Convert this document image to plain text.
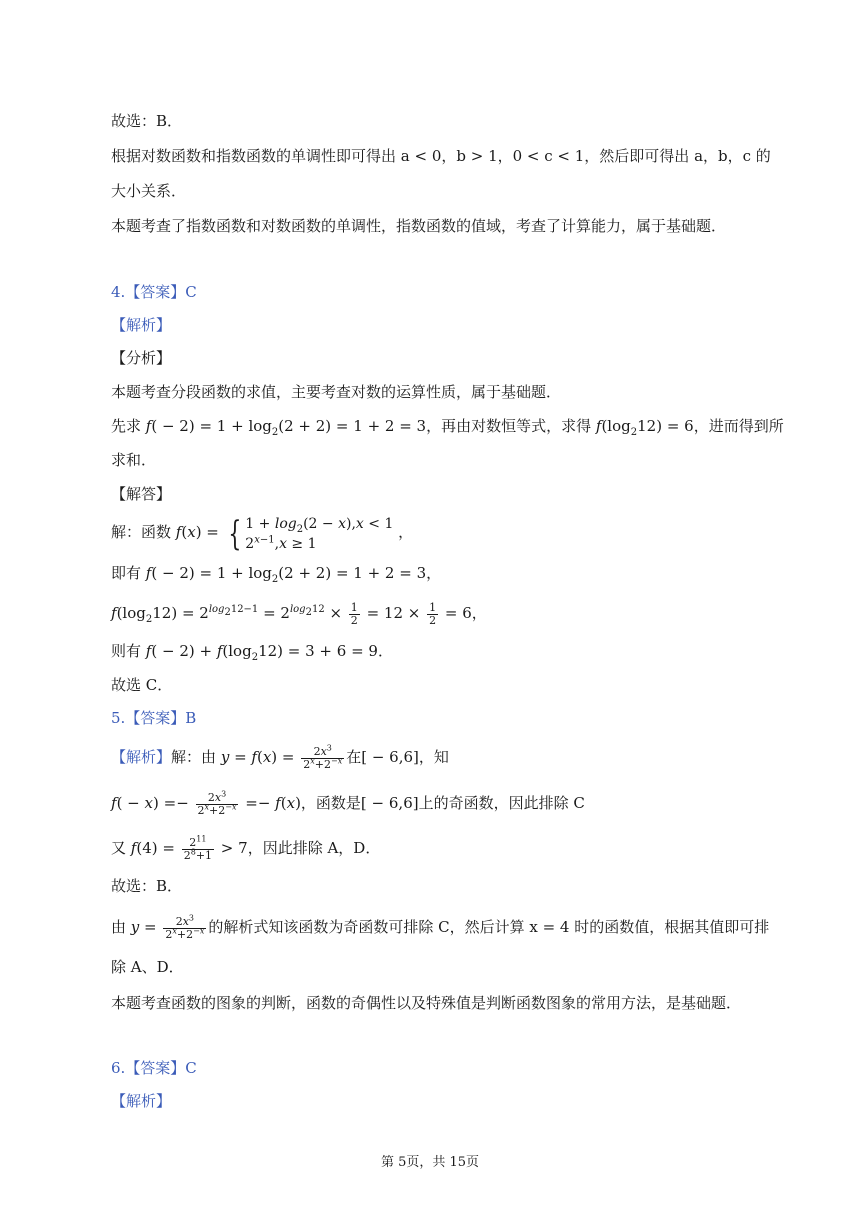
故选：B．
根据对数函数和指数函数的单调性即可得出 a < 0，b > 1，0 < c < 1，然后即可得出 a，b，c 的
大小关系．
本题考查了指数函数和对数函数的单调性，指数函数的值域，考查了计算能力，属于基础题．
4.【答案】C
【解析】
【分析】
本题考查分段函数的求值，主要考查对数的运算性质，属于基础题．
先求 $f( - 2) = 1 + \log_2(2 + 2) = 1 + 2 = 3$，再由对数恒等式，求得 $f(\log_212) = 6$，进而得到所
求和．
【解答】
解：函数 f(x) = { $1 + \log_2(2 - x),x < 1$
$2^{x-1},x \ge 1$
，
即有 $f( - 2) = 1 + \log_2(2 + 2) = 1 + 2 = 3$，
$f(\log_212) = 2^{log_212-1} = 2^{log_212} \times \frac{1}{2} = 12 \times \frac{1}{2} = 6$，
则有 $f( - 2) + f(\log_212) = 3 + 6 = 9$．
故选 C．
5.【答案】B
【解析】解：由 $y = f(x) = \frac{2x^3}{2^x+2^{-x}}$ 在[ − 6,6]，知
$f( - x) =- \frac{2x^3}{2^x+2^{-x}} =- f(x)$，函数是[ − 6,6]上的奇函数，因此排除 C
又 $f(4) = \frac{2^{11}}{2^8+1} > 7$，因此排除 A，D．
故选：B．
由 $y = \frac{2x^3}{2^x+2^{-x}}$ 的解析式知该函数为奇函数可排除 C，然后计算 x = 4 时的函数值，根据其值即可排
除 A、D．
本题考查函数的图象的判断，函数的奇偶性以及特殊值是判断函数图象的常用方法，是基础题．
6.【答案】C
【解析】
第 5页，共 15页
